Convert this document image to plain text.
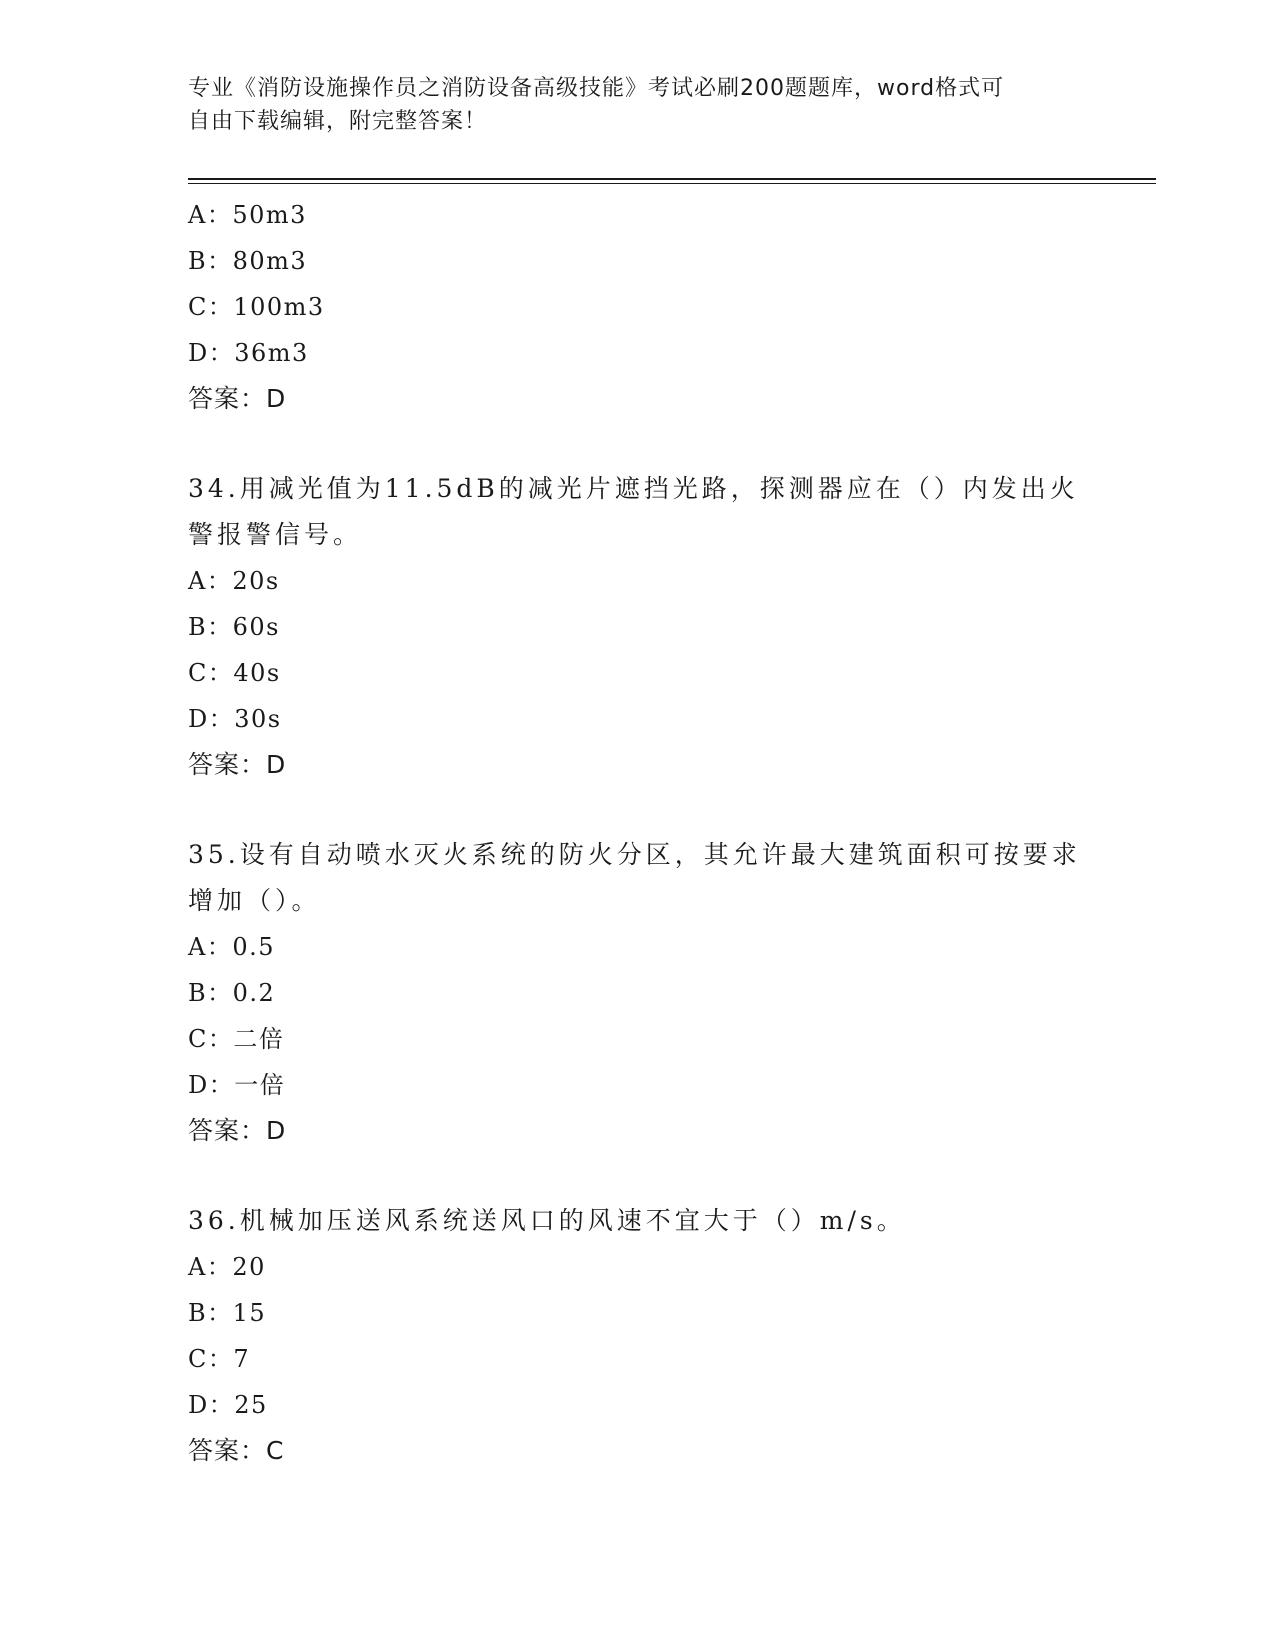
专业《消防设施操作员之消防设备高级技能》考试必刷200题题库，word格式可
自由下载编辑，附完整答案！
A：50m3
B：80m3
C：100m3
D：36m3
答案：D
34.用减光值为11.5dB的减光片遮挡光路，探测器应在（）内发出火
警报警信号。
A：20s
B：60s
C：40s
D：30s
答案：D
35.设有自动喷水灭火系统的防火分区，其允许最大建筑面积可按要求
增加（）。
A：0.5
B：0.2
C：二倍
D：一倍
答案：D
36.机械加压送风系统送风口的风速不宜大于（）m/s。
A：20
B：15
C：7
D：25
答案：C
